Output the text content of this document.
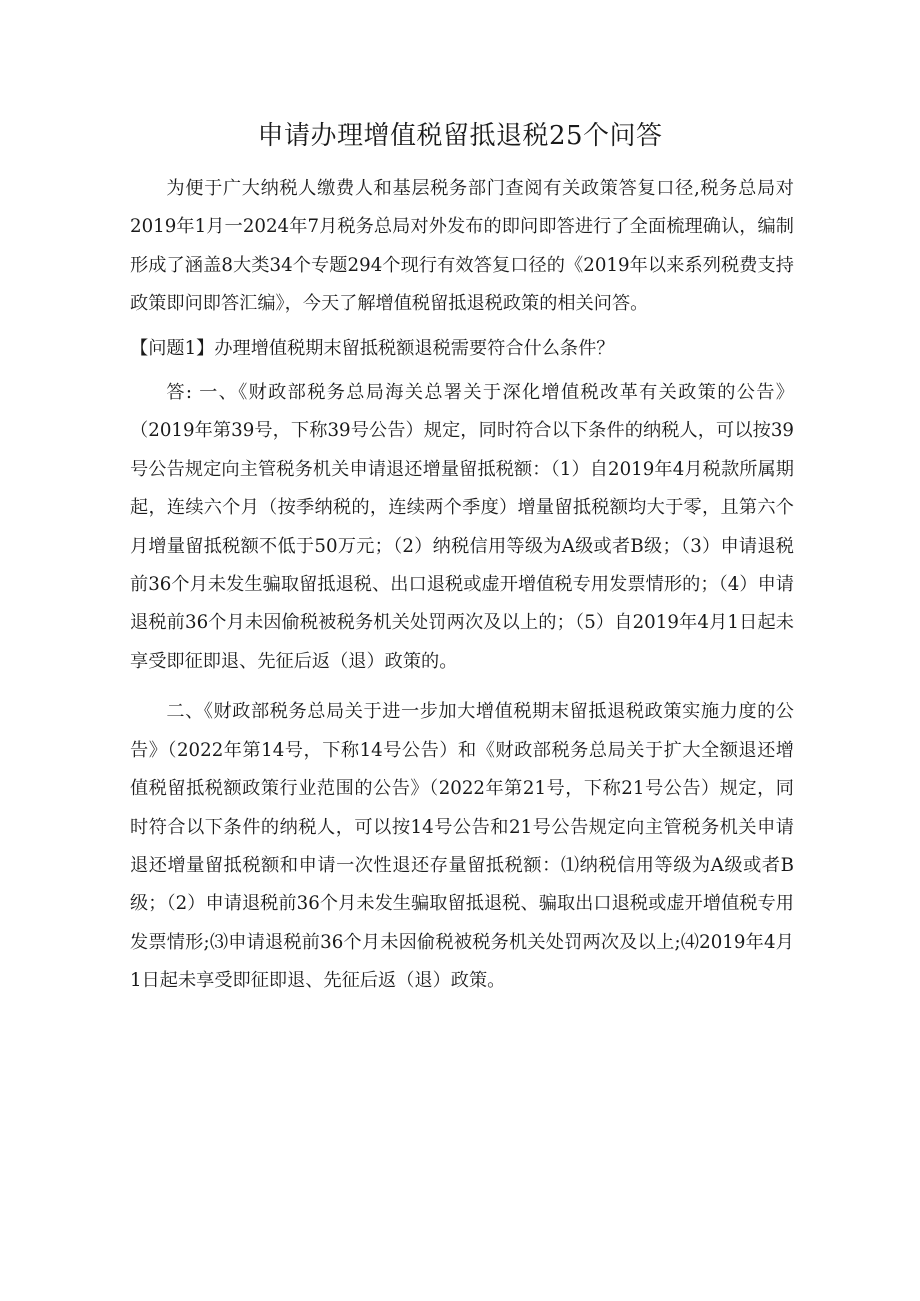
申请办理增值税留抵退税25个问答

为便于广大纳税人缴费人和基层税务部门查阅有关政策答复口径,税务总局对2019年1月一2024年7月税务总局对外发布的即问即答进行了全面梳理确认，编制形成了涵盖8大类34个专题294个现行有效答复口径的《2019年以来系列税费支持政策即问即答汇编》，今天了解增值税留抵退税政策的相关问答。

【问题1】办理增值税期末留抵税额退税需要符合什么条件？

答: 一、《财政部税务总局海关总署关于深化增值税改革有关政策的公告》（2019年第39号，下称39号公告）规定，同时符合以下条件的纳税人，可以按39号公告规定向主管税务机关申请退还增量留抵税额：（1）自2019年4月税款所属期起，连续六个月（按季纳税的，连续两个季度）增量留抵税额均大于零，且第六个月增量留抵税额不低于50万元；（2）纳税信用等级为A级或者B级；（3）申请退税前36个月未发生骗取留抵退税、出口退税或虚开增值税专用发票情形的；（4）申请退税前36个月未因偷税被税务机关处罚两次及以上的；（5）自2019年4月1日起未享受即征即退、先征后返（退）政策的。

二、《财政部税务总局关于进一步加大增值税期末留抵退税政策实施力度的公告》（2022年第14号，下称14号公告）和《财政部税务总局关于扩大全额退还增值税留抵税额政策行业范围的公告》（2022年第21号，下称21号公告）规定，同时符合以下条件的纳税人，可以按14号公告和21号公告规定向主管税务机关申请退还增量留抵税额和申请一次性退还存量留抵税额：⑴纳税信用等级为A级或者B级；（2）申请退税前36个月未发生骗取留抵退税、骗取出口退税或虚开增值税专用发票情形;⑶申请退税前36个月未因偷税被税务机关处罚两次及以上;⑷2019年4月1日起未享受即征即退、先征后返（退）政策。
